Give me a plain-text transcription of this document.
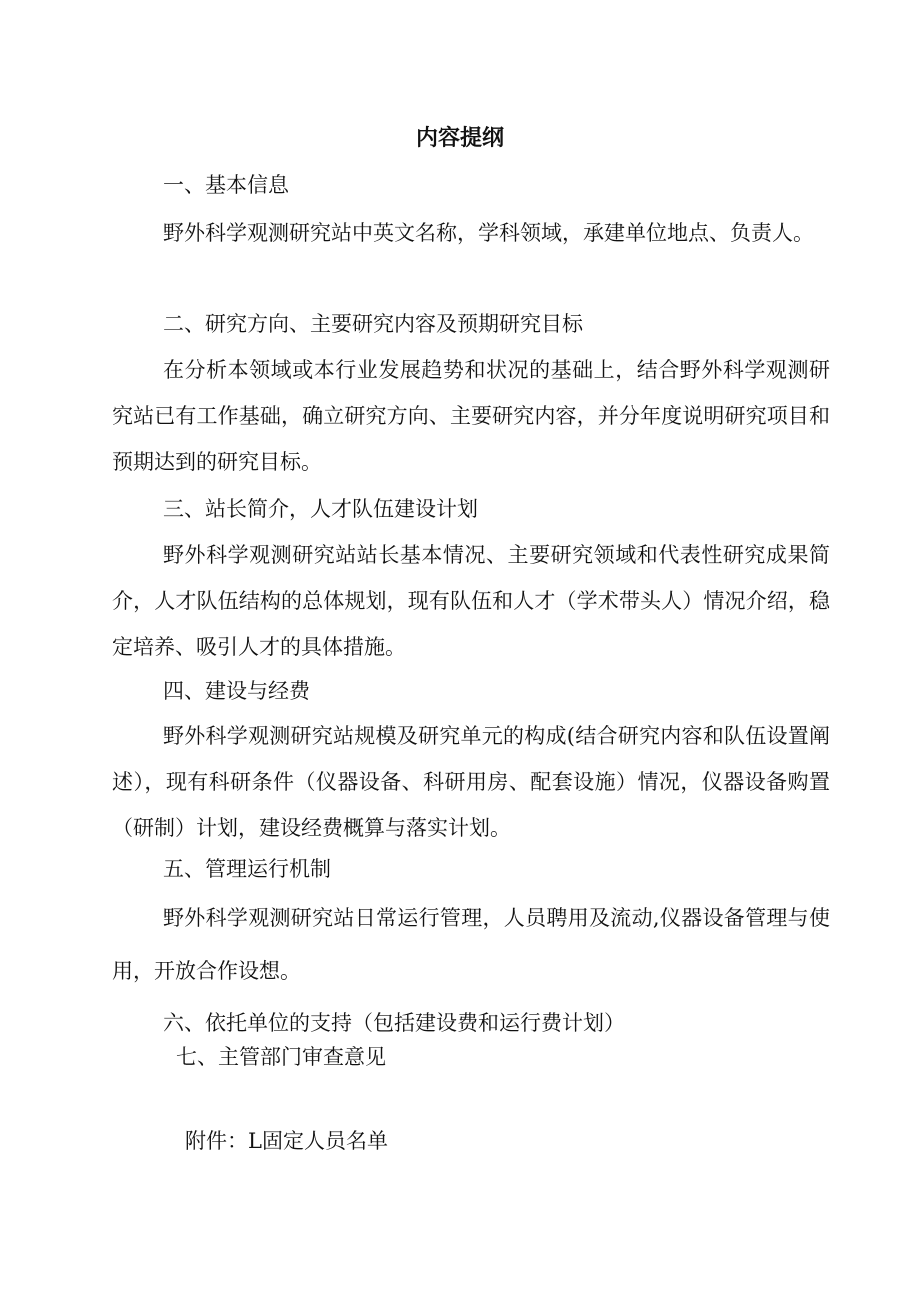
内容提纲

一、基本信息

野外科学观测研究站中英文名称，学科领域，承建单位地点、负责人。

二、研究方向、主要研究内容及预期研究目标

在分析本领域或本行业发展趋势和状况的基础上，结合野外科学观测研究站已有工作基础，确立研究方向、主要研究内容，并分年度说明研究项目和预期达到的研究目标。

三、站长简介，人才队伍建设计划

野外科学观测研究站站长基本情况、主要研究领域和代表性研究成果简介，人才队伍结构的总体规划，现有队伍和人才（学术带头人）情况介绍，稳定培养、吸引人才的具体措施。

四、建设与经费

野外科学观测研究站规模及研究单元的构成(结合研究内容和队伍设置阐述），现有科研条件（仪器设备、科研用房、配套设施）情况，仪器设备购置（研制）计划，建设经费概算与落实计划。

五、管理运行机制

野外科学观测研究站日常运行管理，人员聘用及流动,仪器设备管理与使用，开放合作设想。

六、依托单位的支持（包括建设费和运行费计划）

七、主管部门审查意见

附件：L固定人员名单
